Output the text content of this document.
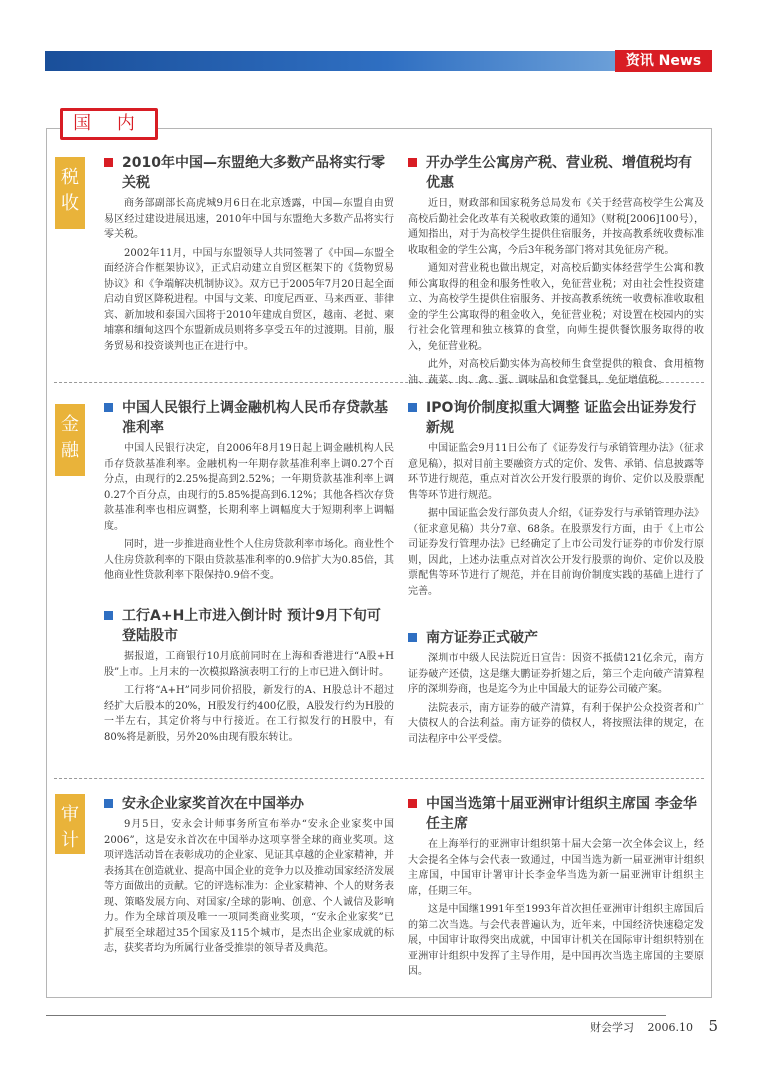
资讯 News
国 内
税收
金融
审计
2010年中国—东盟绝大多数产品将实行零关税

商务部副部长高虎城9月6日在北京透露，中国—东盟自由贸易区经过建设进展迅速，2010年中国与东盟绝大多数产品将实行零关税。

2002年11月，中国与东盟领导人共同签署了《中国—东盟全面经济合作框架协议》，正式启动建立自贸区框架下的《货物贸易协议》和《争端解决机制协议》。双方已于2005年7月20日起全面启动自贸区降税进程。中国与文莱、印度尼西亚、马来西亚、菲律宾、新加坡和泰国六国将于2010年建成自贸区，越南、老挝、柬埔寨和缅甸这四个东盟新成员则将多享受五年的过渡期。目前，服务贸易和投资谈判也正在进行中。

开办学生公寓房产税、营业税、增值税均有优惠

近日，财政部和国家税务总局发布《关于经营高校学生公寓及高校后勤社会化改革有关税收政策的通知》（财税[2006]100号），通知指出，对于为高校学生提供住宿服务，并按高教系统收费标准收取租金的学生公寓，今后3年税务部门将对其免征房产税。

通知对营业税也做出规定，对高校后勤实体经营学生公寓和教师公寓取得的租金和服务性收入，免征营业税；对由社会性投资建立、为高校学生提供住宿服务、并按高教系统统一收费标准收取租金的学生公寓取得的租金收入，免征营业税；对设置在校园内的实行社会化管理和独立核算的食堂，向师生提供餐饮服务取得的收入，免征营业税。

此外，对高校后勤实体为高校师生食堂提供的粮食、食用植物油、蔬菜、肉、禽、蛋、调味品和食堂餐具，免征增值税。

中国人民银行上调金融机构人民币存贷款基准利率

中国人民银行决定，自2006年8月19日起上调金融机构人民币存贷款基准利率。金融机构一年期存款基准利率上调0.27个百分点，由现行的2.25%提高到2.52%；一年期贷款基准利率上调0.27个百分点，由现行的5.85%提高到6.12%；其他各档次存贷款基准利率也相应调整，长期利率上调幅度大于短期利率上调幅度。

同时，进一步推进商业性个人住房贷款利率市场化。商业性个人住房贷款利率的下限由贷款基准利率的0.9倍扩大为0.85倍，其他商业性贷款利率下限保持0.9倍不变。

工行A+H上市进入倒计时 预计9月下旬可登陆股市

据报道，工商银行10月底前同时在上海和香港进行“A股+H股”上市。上月末的一次模拟路演表明工行的上市已进入倒计时。

工行将“A+H”同步同价招股，新发行的A、H股总计不超过经扩大后股本的20%，H股发行约400亿股，A股发行约为H股的一半左右，其定价将与中行接近。在工行拟发行的H股中，有80%将是新股，另外20%由现有股东转让。

IPO询价制度拟重大调整 证监会出证券发行新规

中国证监会9月11日公布了《证券发行与承销管理办法》（征求意见稿），拟对目前主要融资方式的定价、发售、承销、信息披露等环节进行规范，重点对首次公开发行股票的询价、定价以及股票配售等环节进行规范。

据中国证监会发行部负责人介绍，《证券发行与承销管理办法》（征求意见稿）共分7章、68条。在股票发行方面，由于《上市公司证券发行管理办法》已经确定了上市公司发行证券的市价发行原则，因此，上述办法重点对首次公开发行股票的询价、定价以及股票配售等环节进行了规范，并在目前询价制度实践的基础上进行了完善。

南方证券正式破产

深圳市中级人民法院近日宣告：因资不抵债121亿余元，南方证券破产还债，这是继大鹏证券折翅之后，第三个走向破产清算程序的深圳券商，也是迄今为止中国最大的证券公司破产案。

法院表示，南方证券的破产清算，有利于保护公众投资者和广大债权人的合法利益。南方证券的债权人，将按照法律的规定，在司法程序中公平受偿。

安永企业家奖首次在中国举办

9月5日，安永会计师事务所宣布举办“安永企业家奖中国2006”，这是安永首次在中国举办这项享誉全球的商业奖项。这项评选活动旨在表彰成功的企业家、见证其卓越的企业家精神，并表扬其在创造就业、提高中国企业的竞争力以及推动国家经济发展等方面做出的贡献。它的评选标准为：企业家精神、个人的财务表现、策略发展方向、对国家/全球的影响、创意、个人诚信及影响力。作为全球首项及唯一一项同类商业奖项，“安永企业家奖”已扩展至全球超过35个国家及115个城市，是杰出企业家成就的标志，获奖者均为所属行业备受推崇的领导者及典范。

中国当选第十届亚洲审计组织主席国 李金华任主席

在上海举行的亚洲审计组织第十届大会第一次全体会议上，经大会提名全体与会代表一致通过，中国当选为新一届亚洲审计组织主席国，中国审计署审计长李金华当选为新一届亚洲审计组织主席，任期三年。

这是中国继1991年至1993年首次担任亚洲审计组织主席国后的第二次当选。与会代表普遍认为，近年来，中国经济快速稳定发展，中国审计取得突出成就，中国审计机关在国际审计组织特别在亚洲审计组织中发挥了主导作用，是中国再次当选主席国的主要原因。

财会学习 2006.10 5
